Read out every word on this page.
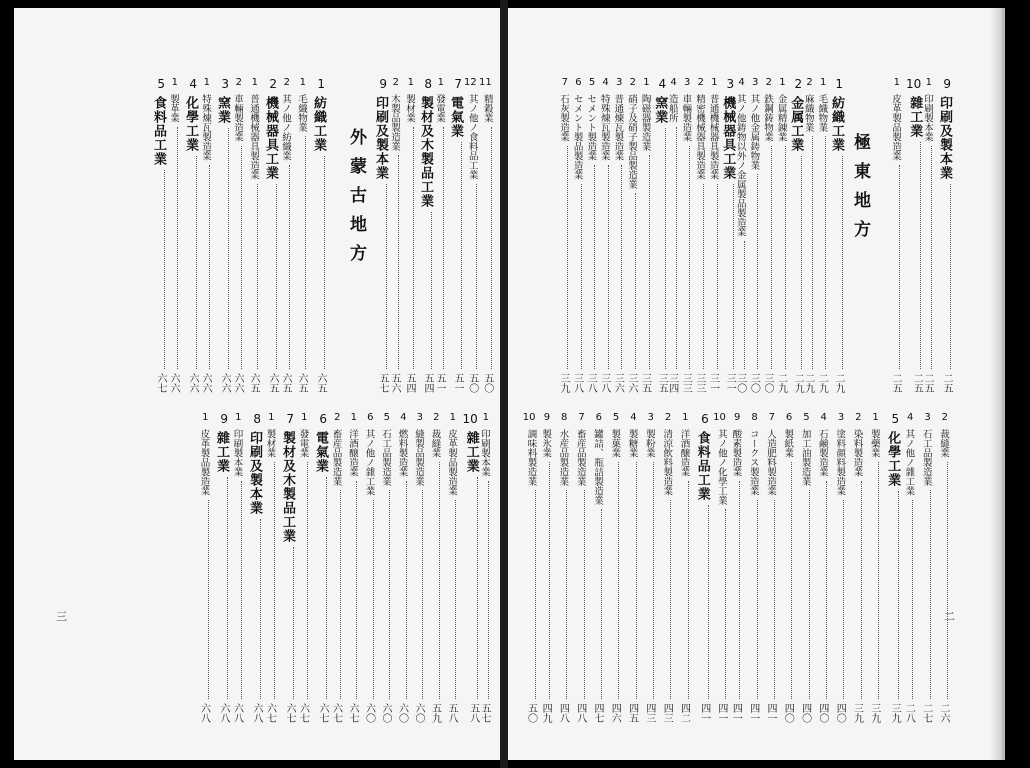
外蒙古地方
11
精穀業
五〇
12
其ノ他ノ食料品工業
五〇
7
電氣業
五一
1
發電業
五一
8
製材及木製品工業
五四
1
製材業
五四
2
木製品製造業
五六
9
印刷及製本業
五七
1
紡織工業
六五
1
毛織物業
六五
2
其ノ他ノ紡織業
六五
2
機械器具工業
六五
1
普通機械器具製造業
六五
2
車輛製造業
六六
3
窯業
六六
1
特殊煉瓦製造業
六六
4
化學工業
六六
1
製革業
六六
5
食料品工業
六七
1
印刷製本業
五七
10
雜工業
五八
1
皮革製品製造業
五八
2
裁縫業
五九
3
縫製品製造業
六〇
4
燃料製造業
六〇
5
石工品製造業
六〇
6
其ノ他ノ雜工業
六〇
1
洋酒醸造業
六七
2
畜産品製造業
六七
6
電氣業
六七
1
發電業
六七
7
製材及木製品工業
六七
1
製材業
六七
8
印刷及製本業
六八
1
印刷製本業
六八
9
雜工業
六八
1
皮革製品製造業
六八
三
極東地方
9
印刷及製本業
二五
1
印刷製本業
二五
10
雜工業
二五
1
皮革製品製造業
二五
1
紡織工業
二九
1
毛織物業
二九
2
麻織物業
二九
2
金属工業
二九
1
金属精錬業
二九
2
鉄鋼鋳物業
三〇
3
其ノ他金属鋳物業
三〇
4
其ノ他鋳物以外ノ金属製品製造業
三〇
3
機械器具工業
三一
1
普通機械器具製造業
三一
2
精密機械器具製造業
三三
3
車輛製造業
三三
4
造船所
三四
4
窯業
三五
1
陶磁器製造業
三五
2
硝子及硝子製品製造業
三六
3
普通煉瓦製造業
三六
4
特殊煉瓦製造業
三八
5
セメント製造業
三八
6
セメント製品製造業
三八
7
石灰製造業
三九
2
裁縫業
二六
3
石工品製造業
二七
4
其ノ他ノ雜工業
二八
5
化學工業
三九
1
製藥業
三九
2
染料製造業
三九
3
塗料顔料製造業
四〇
4
石鹸製造業
四〇
5
加工油製造業
四〇
6
製紙業
四〇
7
人造肥料製造業
四一
8
コークス製造業
四一
9
酸素製造業
四一
10
其ノ他ノ化學工業
四一
6
食料品工業
四一
1
洋酒醸造業
四二
2
清涼飲料製造業
四三
3
製粉業
四三
4
製糖業
四五
5
製菓業
四六
6
罐詰、瓶詰製造業
四七
7
畜産品製造業
四八
8
水産品製造業
四八
9
製氷業
四九
10
調味料製造業
五〇
二
